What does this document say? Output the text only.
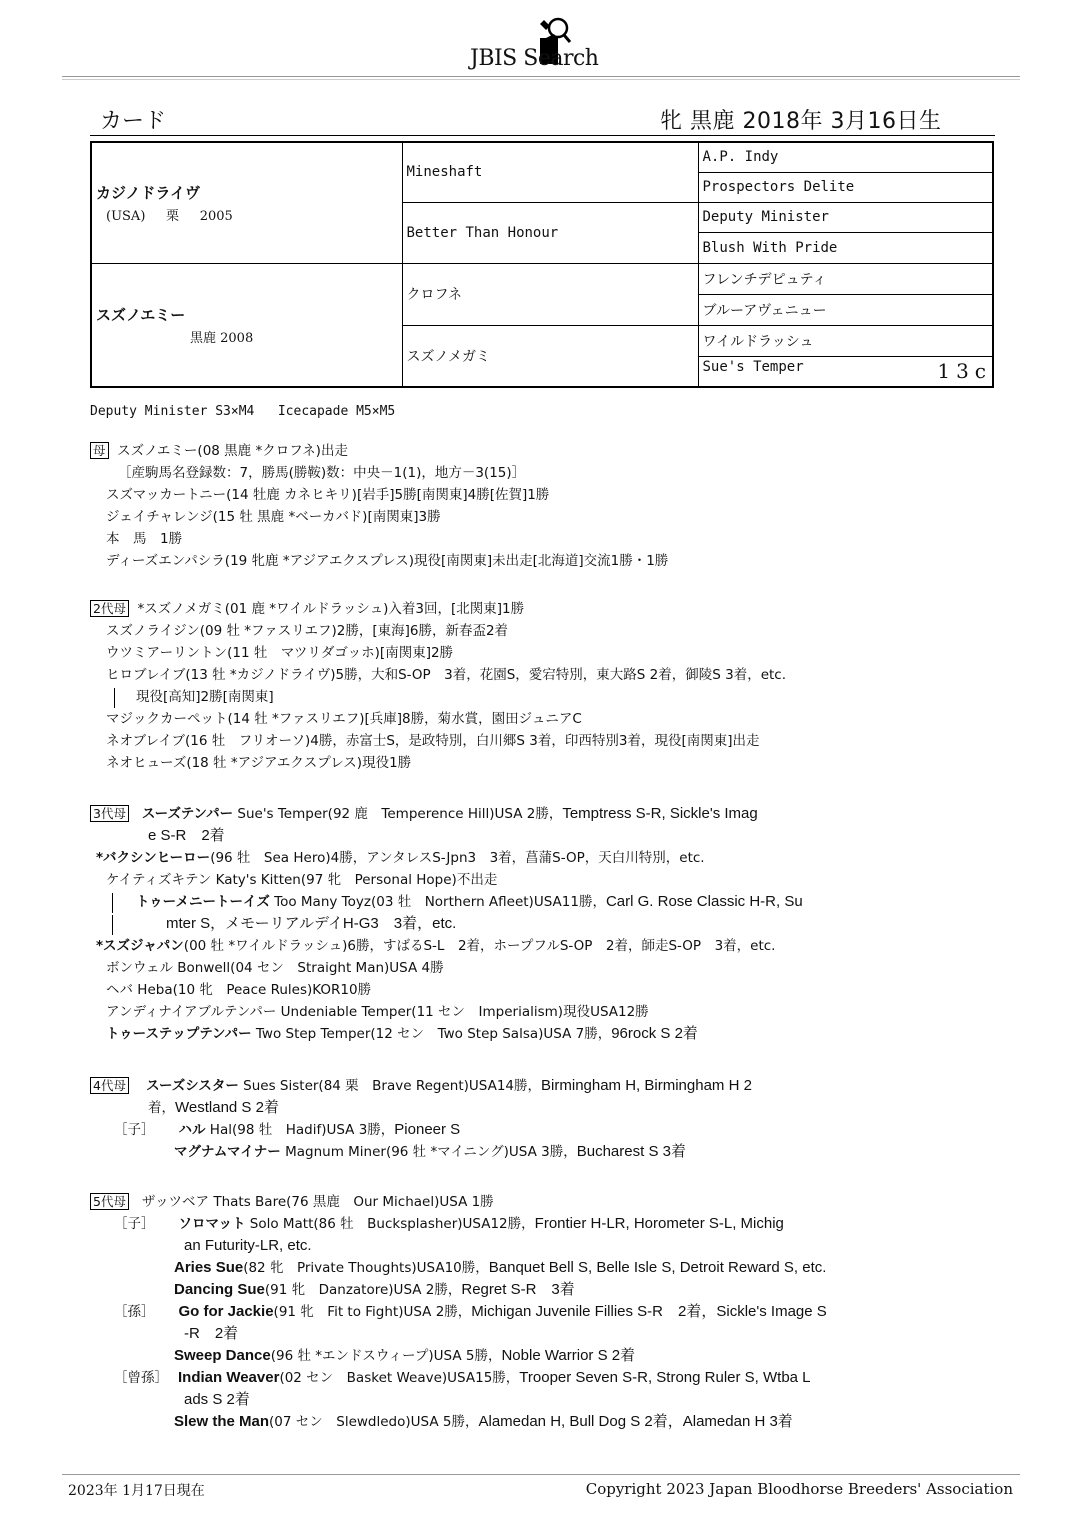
JBIS Search
カード	牝 黒鹿 2018年 3月16日生
カジノドライヴ
(USA)     栗     2005	Mineshaft	A.P. Indy
		Prospectors Delite
	Better Than Honour	Deputy Minister
		Blush With Pride
スズノエミー
黒鹿 2008	クロフネ	フレンチデピュティ
		ブルーアヴェニュー
	スズノメガミ	ワイルドラッシュ
		Sue's Temper 13c
Deputy Minister S3×M4   Icecapade M5×M5
母 スズノエミー(08 黒鹿 *クロフネ)出走
［産駒馬名登録数：7，勝馬(勝鞍)数：中央－1(1)，地方－3(15)］
スズマッカートニー(14 牡鹿 カネヒキリ)[岩手]5勝[南関東]4勝[佐賀]1勝
ジェイチャレンジ(15 牡 黒鹿 *ベーカバド)[南関東]3勝
本　馬　1勝
ディーズエンパシラ(19 牝鹿 *アジアエクスプレス)現役[南関東]未出走[北海道]交流1勝・1勝
2代母 *スズノメガミ(01 鹿 *ワイルドラッシュ)入着3回，[北関東]1勝
スズノライジン(09 牡 *ファスリエフ)2勝，[東海]6勝，新春盃2着
ウツミアーリントン(11 牡　マツリダゴッホ)[南関東]2勝
ヒロブレイブ(13 牡 *カジノドライヴ)5勝，大和S-OP　3着，花園S，愛宕特別，東大路S 2着，御陵S 3着，etc.
現役[高知]2勝[南関東]
マジックカーペット(14 牡 *ファスリエフ)[兵庫]8勝，菊水賞，園田ジュニアC
ネオブレイブ(16 牡　フリオーソ)4勝，赤富士S，是政特別，白川郷S 3着，印西特別3着，現役[南関東]出走
ネオヒューズ(18 牡 *アジアエクスプレス)現役1勝
3代母 スーズテンパー Sue's Temper(92 鹿　Temperence Hill)USA 2勝，Temptress S-R, Sickle's Imag
e S-R　2着
*バクシンヒーロー(96 牡　Sea Hero)4勝，アンタレスS-Jpn3　3着，菖蒲S-OP，天白川特別，etc.
ケイティズキテン Katy's Kitten(97 牝　Personal Hope)不出走
トゥーメニートーイズ Too Many Toyz(03 牡　Northern Afleet)USA11勝，Carl G. Rose Classic H-R, Su
mter S，メモーリアルデイH-G3　3着，etc.
*スズジャパン(00 牡 *ワイルドラッシュ)6勝，すばるS-L　2着，ホープフルS-OP　2着，師走S-OP　3着，etc.
ボンウェル Bonwell(04 セン　Straight Man)USA 4勝
ヘバ Heba(10 牝　Peace Rules)KOR10勝
アンディナイアブルテンパー Undeniable Temper(11 セン　Imperialism)現役USA12勝
トゥーステップテンパー Two Step Temper(12 セン　Two Step Salsa)USA 7勝，96rock S 2着
4代母 スーズシスター Sues Sister(84 栗　Brave Regent)USA14勝，Birmingham H, Birmingham H 2
着，Westland S 2着
［子］ ハル Hal(98 牡　Hadif)USA 3勝，Pioneer S
マグナムマイナー Magnum Miner(96 牡 *マイニング)USA 3勝，Bucharest S 3着
5代母 ザッツベア Thats Bare(76 黒鹿　Our Michael)USA 1勝
［子］ ソロマット Solo Matt(86 牡　Bucksplasher)USA12勝，Frontier H-LR, Horometer S-L, Michig
an Futurity-LR, etc.
Aries Sue(82 牝　Private Thoughts)USA10勝，Banquet Bell S, Belle Isle S, Detroit Reward S, etc.
Dancing Sue(91 牝　Danzatore)USA 2勝，Regret S-R　3着
［孫］ Go for Jackie(91 牝　Fit to Fight)USA 2勝，Michigan Juvenile Fillies S-R　2着，Sickle's Image S
-R　2着
Sweep Dance(96 牡 *エンドスウィープ)USA 5勝，Noble Warrior S 2着
［曾孫］ Indian Weaver(02 セン　Basket Weave)USA15勝，Trooper Seven S-R, Strong Ruler S, Wtba L
ads S 2着
Slew the Man(07 セン　Slewdledo)USA 5勝，Alamedan H, Bull Dog S 2着，Alamedan H 3着
2023年 1月17日現在	Copyright 2023 Japan Bloodhorse Breeders' Association
